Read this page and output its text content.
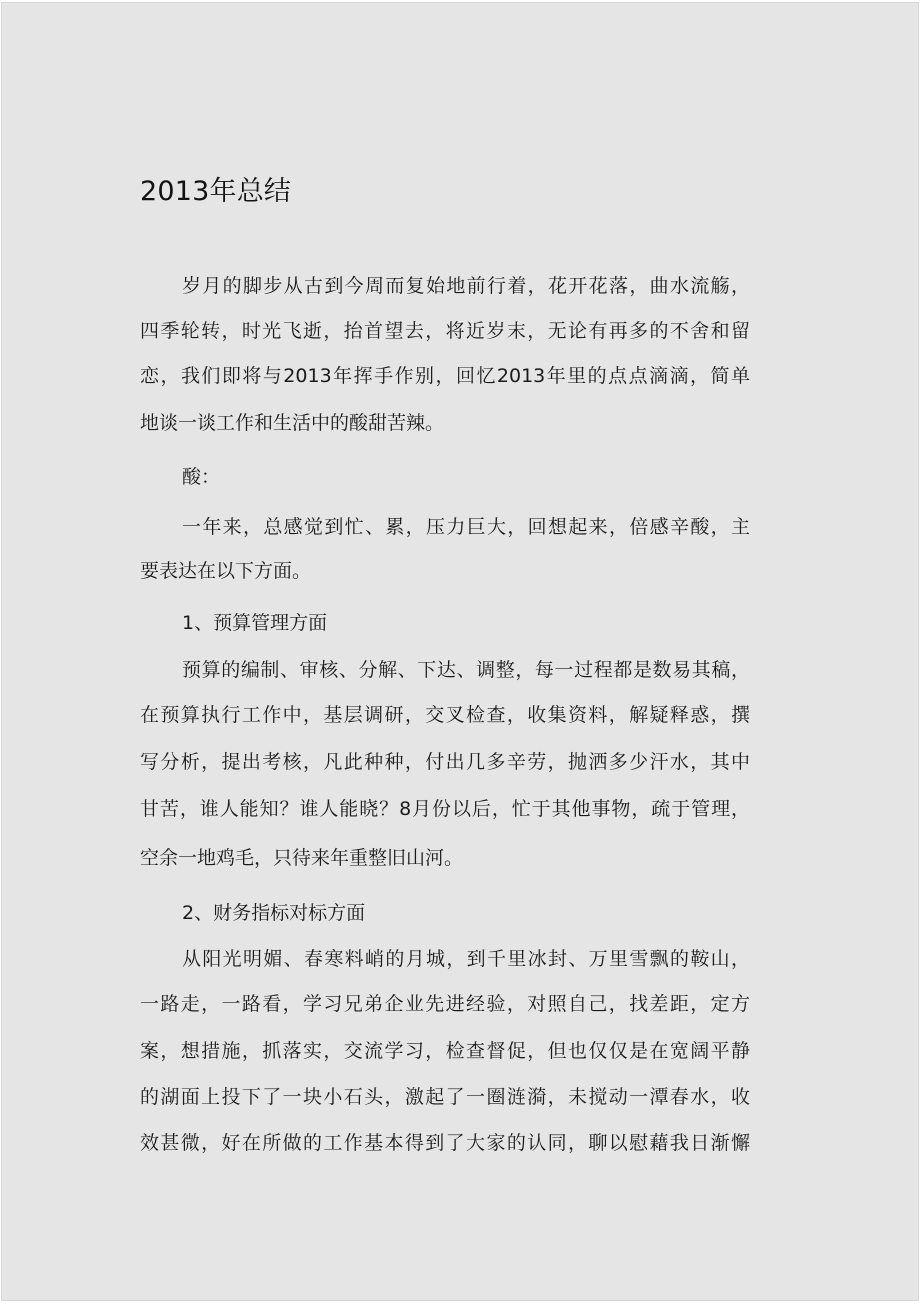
2013年总结
岁月的脚步从古到今周而复始地前行着，花开花落，曲水流觞，
四季轮转，时光飞逝，抬首望去，将近岁末，无论有再多的不舍和留
恋，我们即将与2013年挥手作别，回忆2013年里的点点滴滴，简单
地谈一谈工作和生活中的酸甜苦辣。
酸：
一年来，总感觉到忙、累，压力巨大，回想起来，倍感辛酸，主
要表达在以下方面。
1、预算管理方面
预算的编制、审核、分解、下达、调整，每一过程都是数易其稿，
在预算执行工作中，基层调研，交叉检查，收集资料，解疑释惑，撰
写分析，提出考核，凡此种种，付出几多辛劳，抛洒多少汗水，其中
甘苦，谁人能知？谁人能晓？8月份以后，忙于其他事物，疏于管理，
空余一地鸡毛，只待来年重整旧山河。
2、财务指标对标方面
从阳光明媚、春寒料峭的月城，到千里冰封、万里雪飘的鞍山，
一路走，一路看，学习兄弟企业先进经验，对照自己，找差距，定方
案，想措施，抓落实，交流学习，检查督促，但也仅仅是在宽阔平静
的湖面上投下了一块小石头，激起了一圈涟漪，未搅动一潭春水，收
效甚微，好在所做的工作基本得到了大家的认同，聊以慰藉我日渐懈
